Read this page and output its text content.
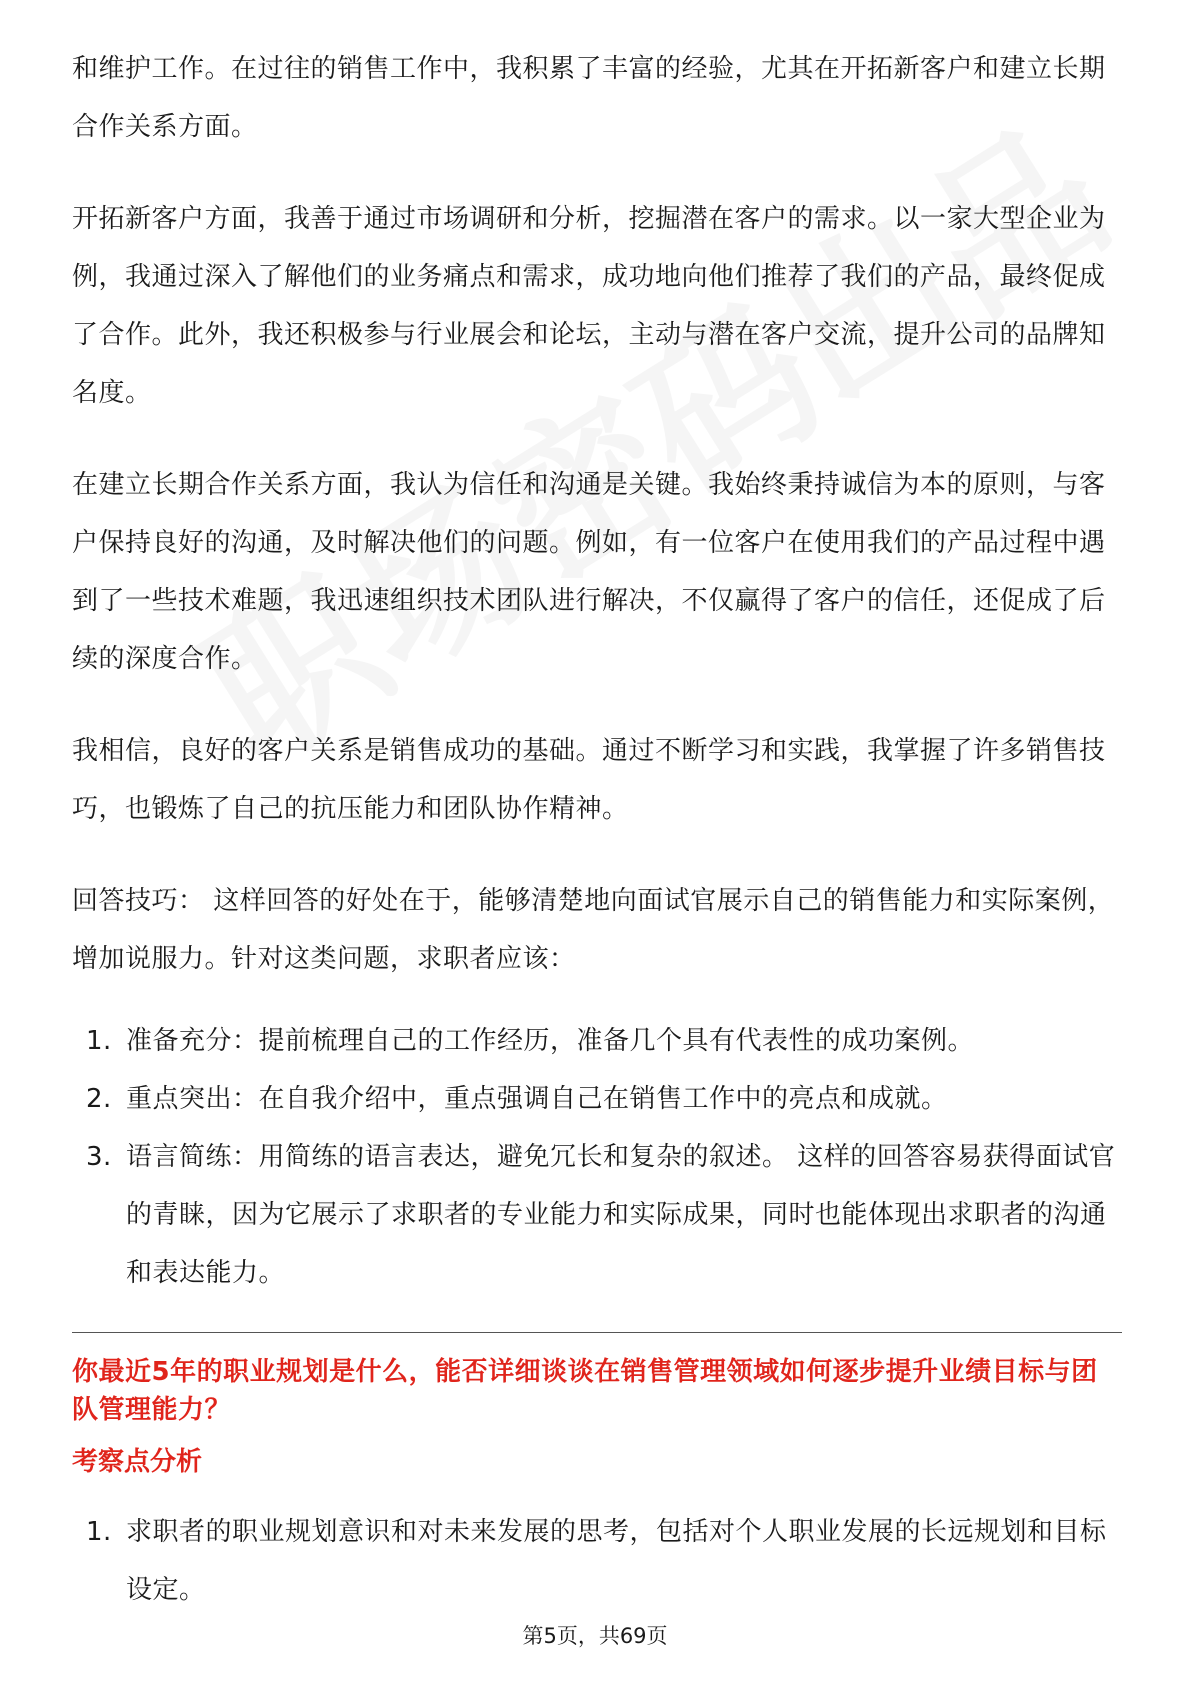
和维护工作。在过往的销售工作中，我积累了丰富的经验，尤其在开拓新客户和建立长期合作关系方面。

开拓新客户方面，我善于通过市场调研和分析，挖掘潜在客户的需求。以一家大型企业为例，我通过深入了解他们的业务痛点和需求，成功地向他们推荐了我们的产品，最终促成了合作。此外，我还积极参与行业展会和论坛，主动与潜在客户交流，提升公司的品牌知名度。

在建立长期合作关系方面，我认为信任和沟通是关键。我始终秉持诚信为本的原则，与客户保持良好的沟通，及时解决他们的问题。例如，有一位客户在使用我们的产品过程中遇到了一些技术难题，我迅速组织技术团队进行解决，不仅赢得了客户的信任，还促成了后续的深度合作。

我相信，良好的客户关系是销售成功的基础。通过不断学习和实践，我掌握了许多销售技巧，也锻炼了自己的抗压能力和团队协作精神。

回答技巧： 这样回答的好处在于，能够清楚地向面试官展示自己的销售能力和实际案例，增加说服力。针对这类问题，求职者应该：

1. 准备充分：提前梳理自己的工作经历，准备几个具有代表性的成功案例。
2. 重点突出：在自我介绍中，重点强调自己在销售工作中的亮点和成就。
3. 语言简练：用简练的语言表达，避免冗长和复杂的叙述。 这样的回答容易获得面试官的青睐，因为它展示了求职者的专业能力和实际成果，同时也能体现出求职者的沟通和表达能力。

你最近5年的职业规划是什么，能否详细谈谈在销售管理领域如何逐步提升业绩目标与团队管理能力？

考察点分析
1. 求职者的职业规划意识和对未来发展的思考，包括对个人职业发展的长远规划和目标设定。
第5页，共69页
